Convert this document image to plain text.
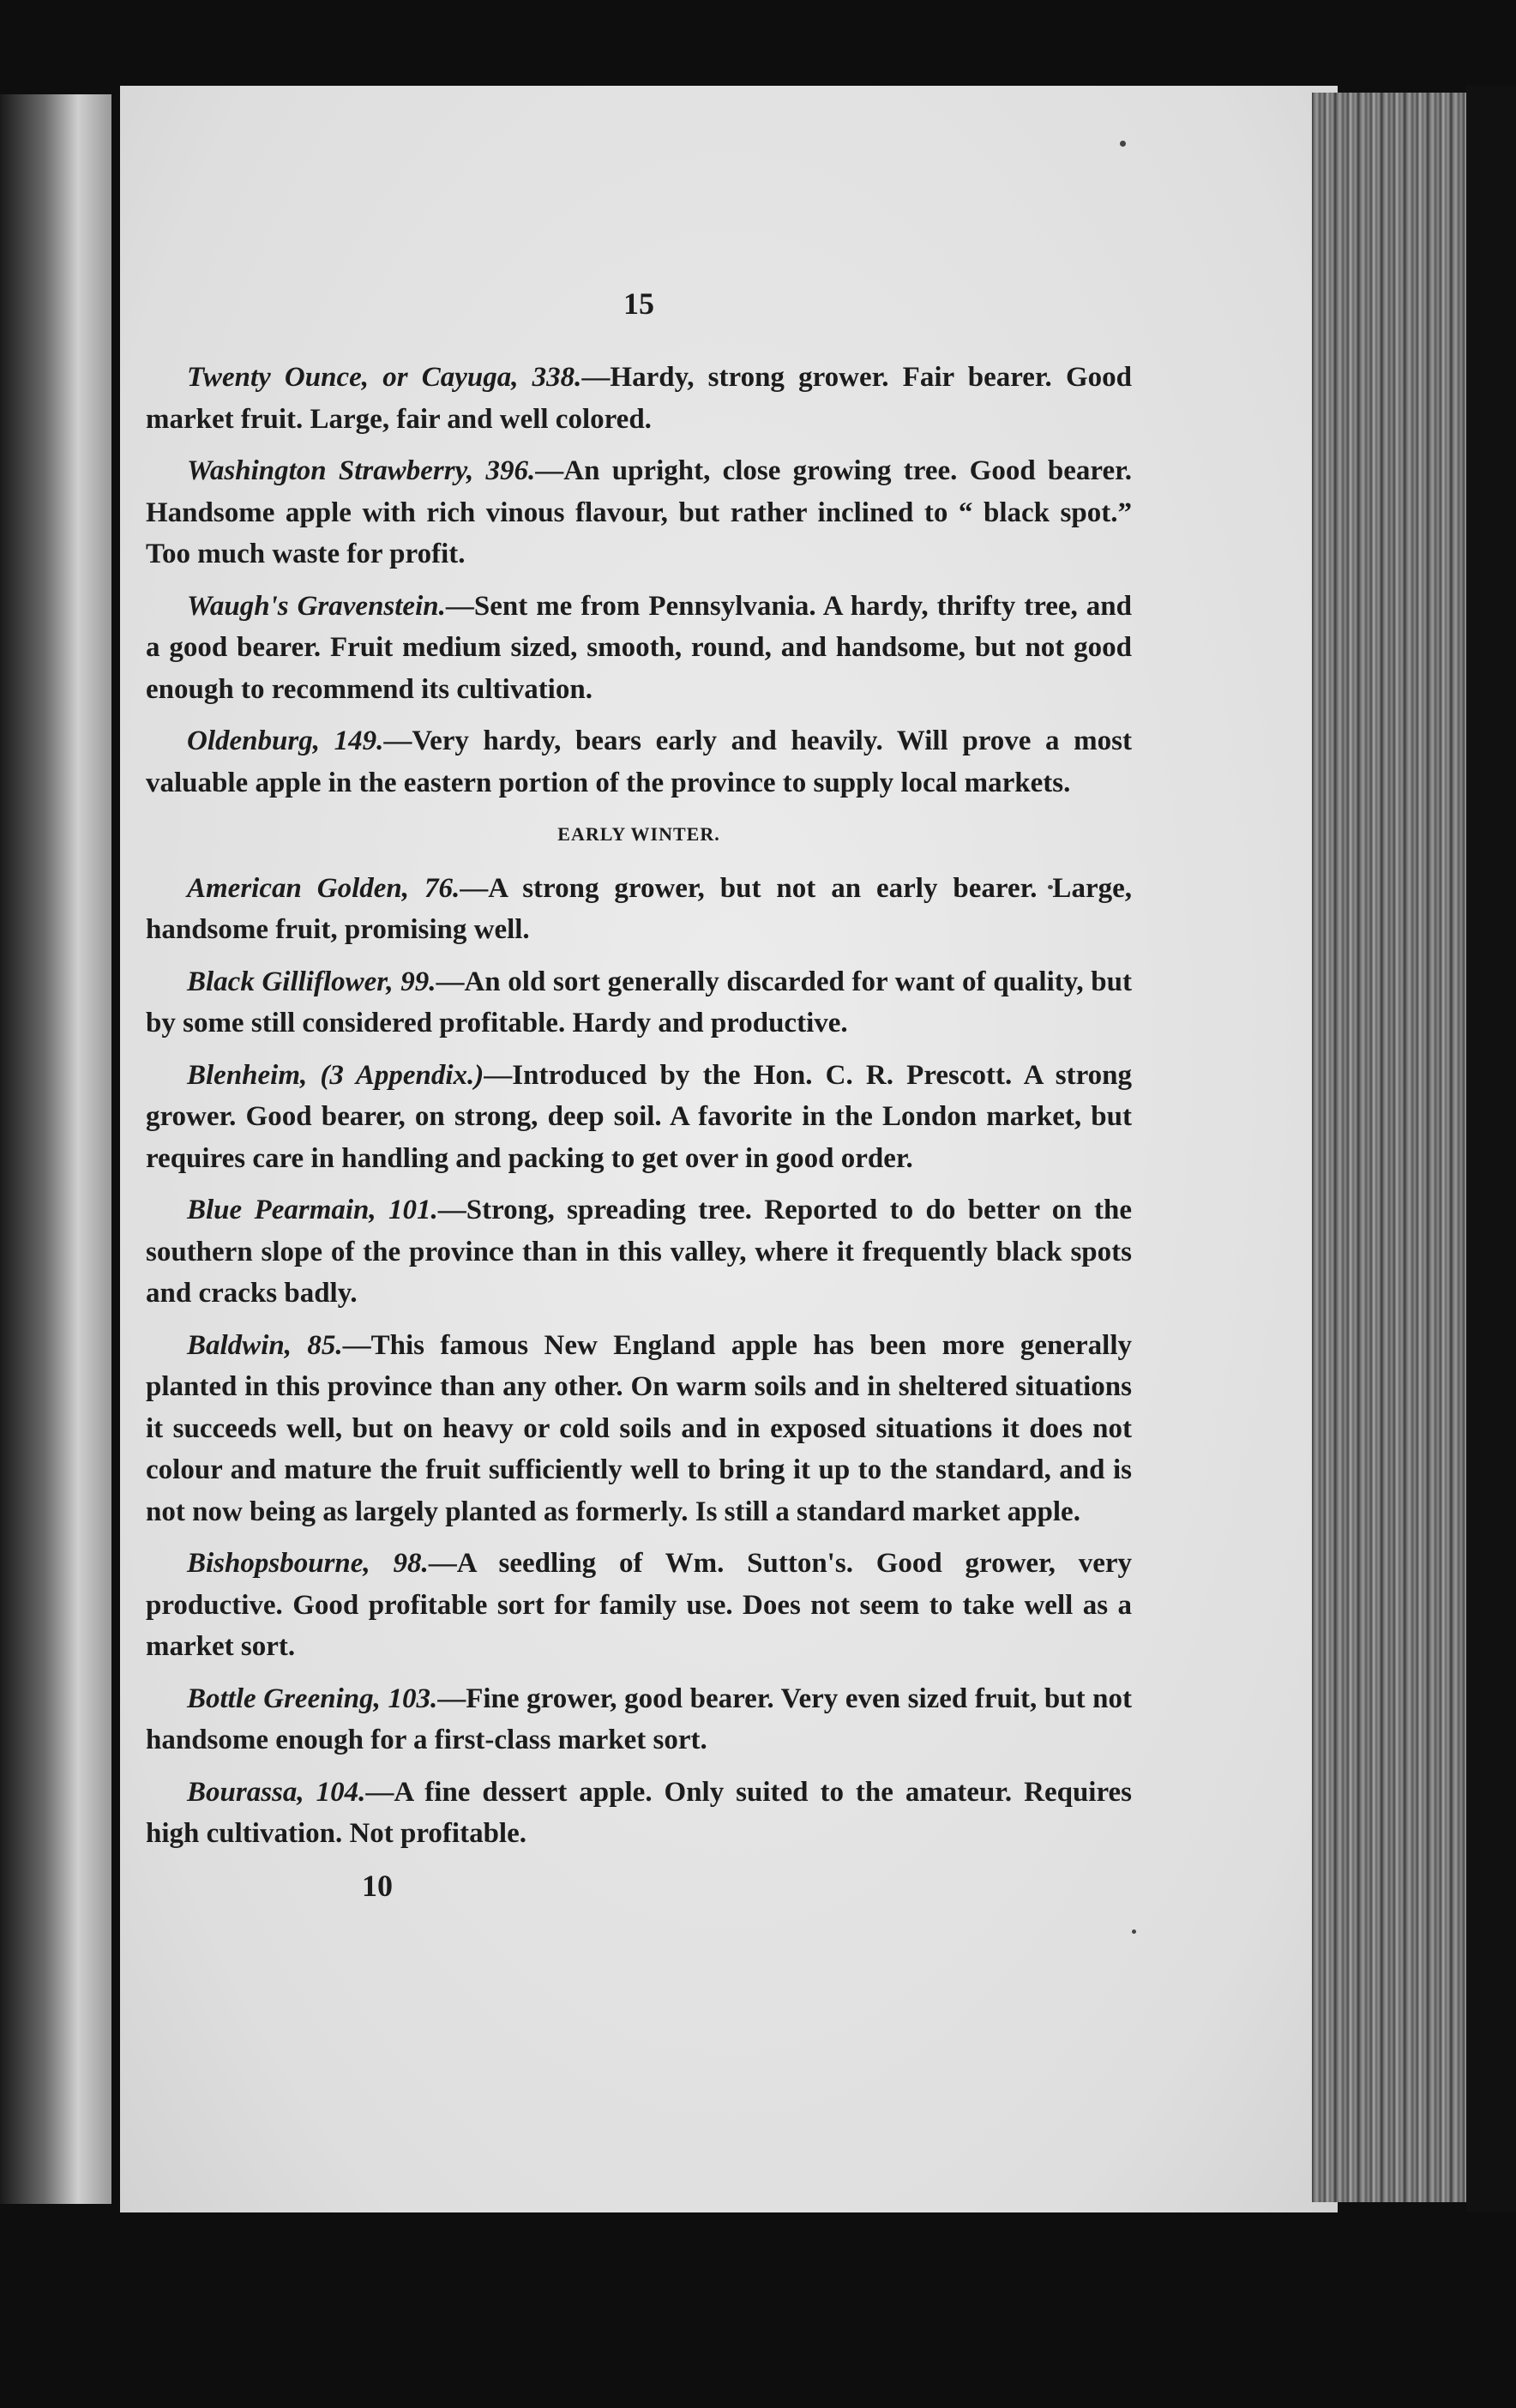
15

Twenty Ounce, or Cayuga, 338.—Hardy, strong grower. Fair bearer. Good market fruit. Large, fair and well colored.

Washington Strawberry, 396.—An upright, close growing tree. Good bearer. Handsome apple with rich vinous flavour, but rather inclined to “ black spot.” Too much waste for profit.

Waugh's Gravenstein.—Sent me from Pennsylvania. A hardy, thrifty tree, and a good bearer. Fruit medium sized, smooth, round, and handsome, but not good enough to recommend its cultivation.

Oldenburg, 149.—Very hardy, bears early and heavily. Will prove a most valuable apple in the eastern portion of the province to supply local markets.

EARLY WINTER.

American Golden, 76.—A strong grower, but not an early bearer. Large, handsome fruit, promising well.

Black Gilliflower, 99.—An old sort generally discarded for want of quality, but by some still considered profitable. Hardy and productive.

Blenheim, (3 Appendix.)—Introduced by the Hon. C. R. Prescott. A strong grower. Good bearer, on strong, deep soil. A favorite in the London market, but requires care in handling and packing to get over in good order.

Blue Pearmain, 101.—Strong, spreading tree. Reported to do better on the southern slope of the province than in this valley, where it frequently black spots and cracks badly.

Baldwin, 85.—This famous New England apple has been more generally planted in this province than any other. On warm soils and in sheltered situations it succeeds well, but on heavy or cold soils and in exposed situations it does not colour and mature the fruit sufficiently well to bring it up to the standard, and is not now being as largely planted as formerly. Is still a standard market apple.

Bishopsbourne, 98.—A seedling of Wm. Sutton's. Good grower, very productive. Good profitable sort for family use. Does not seem to take well as a market sort.

Bottle Greening, 103.—Fine grower, good bearer. Very even sized fruit, but not handsome enough for a first-class market sort.

Bourassa, 104.—A fine dessert apple. Only suited to the amateur. Requires high cultivation. Not profitable.

10
